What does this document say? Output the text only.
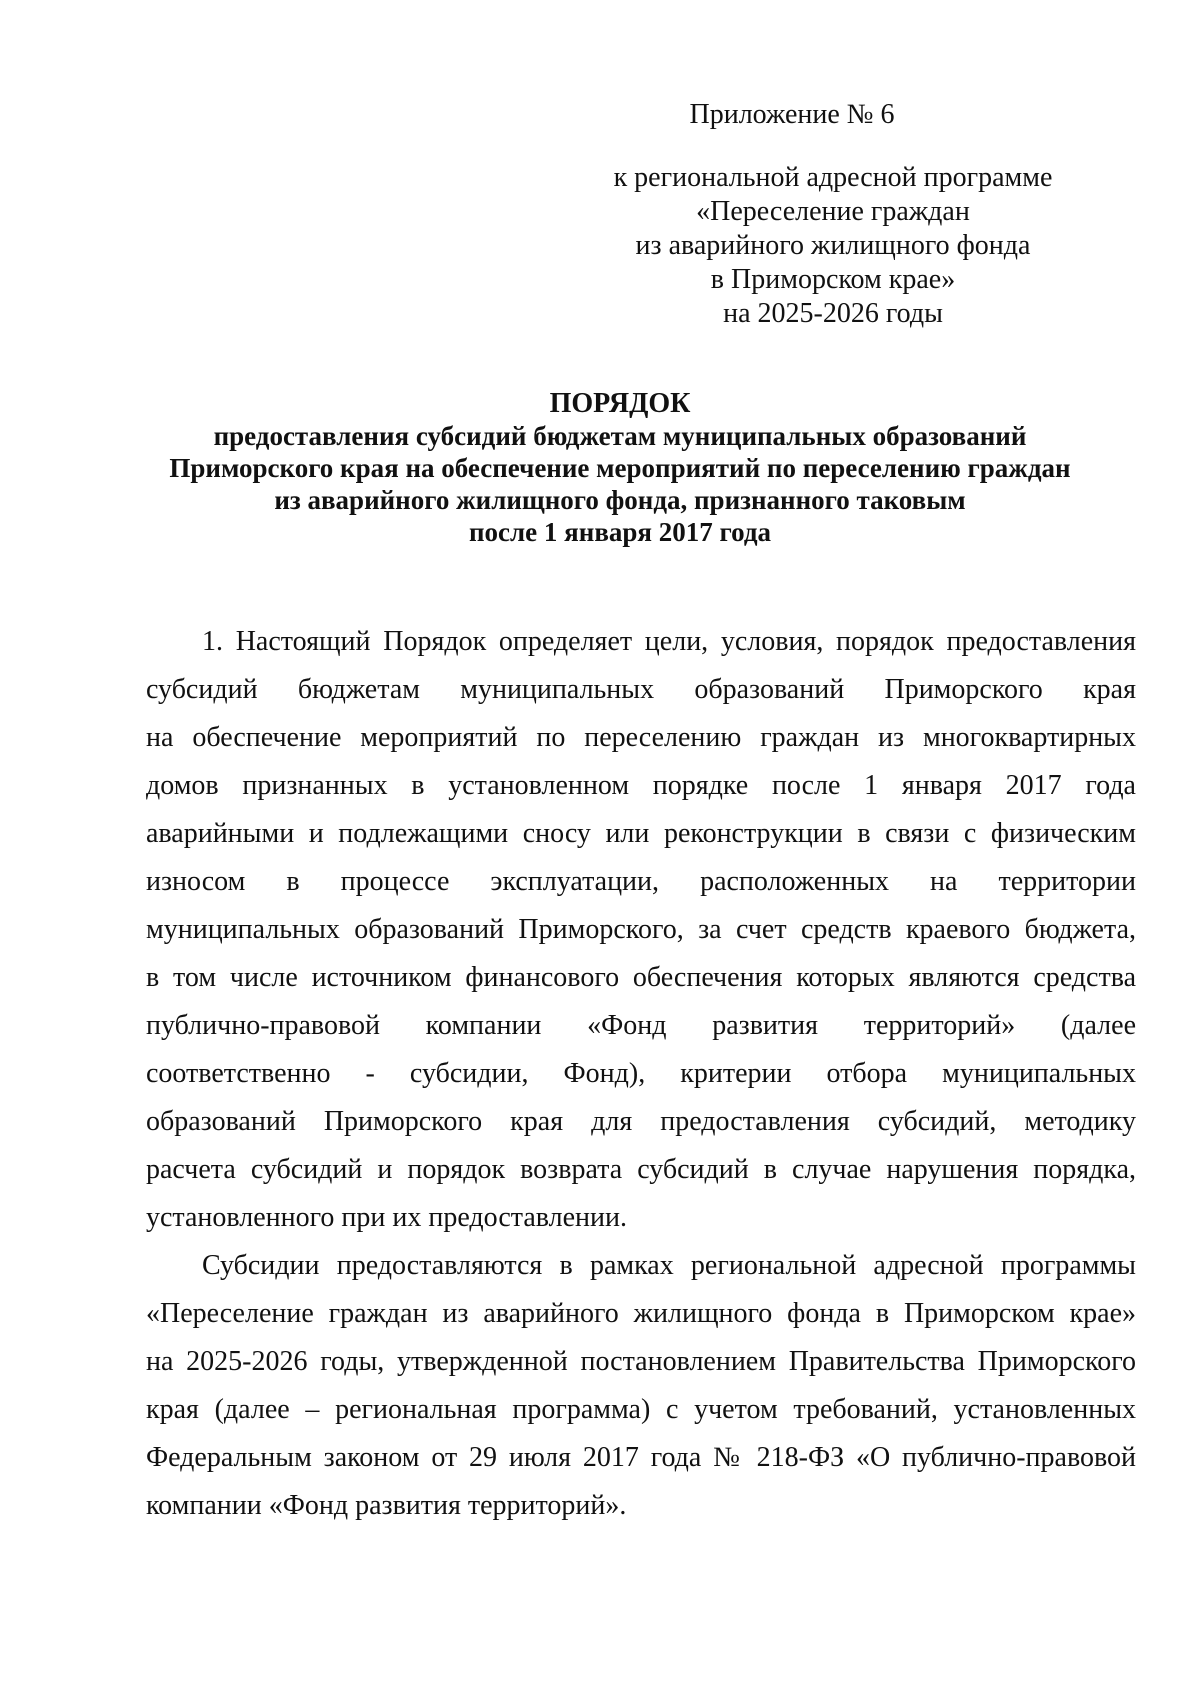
Приложение № 6
к региональной адресной программе
«Переселение граждан
из аварийного жилищного фонда
в Приморском крае»
на 2025-2026 годы
ПОРЯДОК
предоставления субсидий бюджетам муниципальных образований
Приморского края на обеспечение мероприятий по переселению граждан
из аварийного жилищного фонда, признанного таковым
после 1 января 2017 года
1. Настоящий Порядок определяет цели, условия, порядок предоставления
субсидий бюджетам муниципальных образований Приморского края
на обеспечение мероприятий по переселению граждан из многоквартирных
домов признанных в установленном порядке после 1 января 2017 года
аварийными и подлежащими сносу или реконструкции в связи с физическим
износом в процессе эксплуатации, расположенных на территории
муниципальных образований Приморского, за счет средств краевого бюджета,
в том числе источником финансового обеспечения которых являются средства
публично-правовой компании «Фонд развития территорий» (далее
соответственно - субсидии, Фонд), критерии отбора муниципальных
образований Приморского края для предоставления субсидий, методику
расчета субсидий и порядок возврата субсидий в случае нарушения порядка,
установленного при их предоставлении.
Субсидии предоставляются в рамках региональной адресной программы
«Переселение граждан из аварийного жилищного фонда в Приморском крае»
на 2025-2026 годы, утвержденной постановлением Правительства Приморского
края (далее – региональная программа) с учетом требований, установленных
Федеральным законом от 29 июля 2017 года № 218-ФЗ «О публично-правовой
компании «Фонд развития территорий».
